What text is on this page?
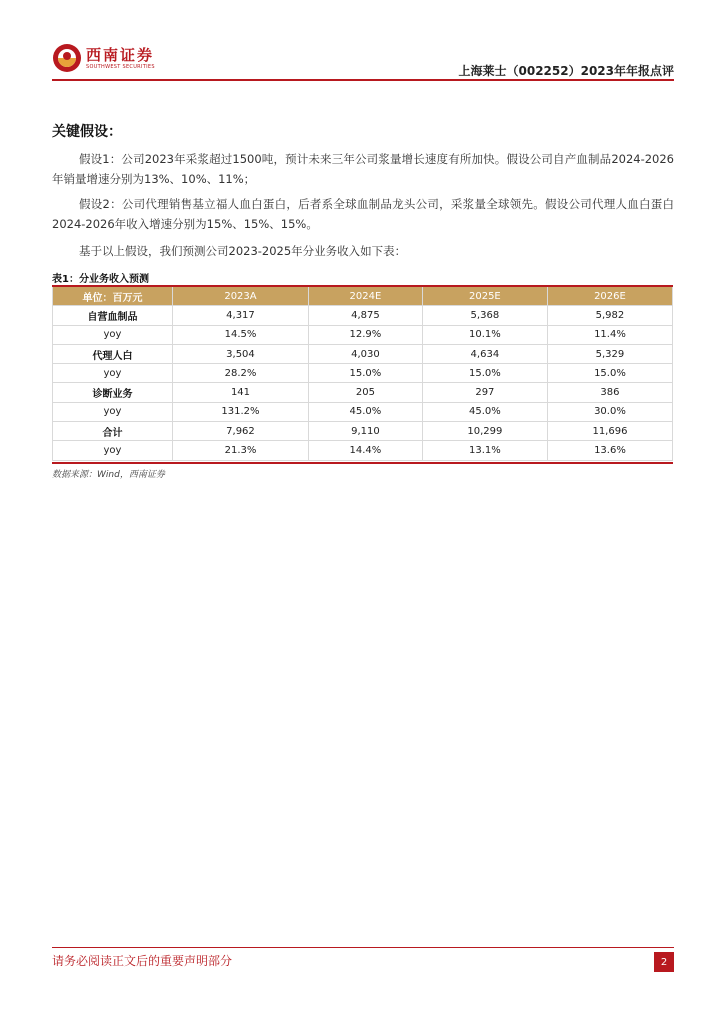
西南证券
SOUTHWEST SECURITIES	上海莱士（002252）2023年年报点评
关键假设：

假设1：公司2023年采浆超过1500吨，预计未来三年公司浆量增长速度有所加快。假设公司自产血制品2024-2026年销量增速分别为13%、10%、11%；

假设2：公司代理销售基立福人血白蛋白，后者系全球血制品龙头公司，采浆量全球领先。假设公司代理人血白蛋白2024-2026年收入增速分别为15%、15%、15%。

基于以上假设，我们预测公司2023-2025年分业务收入如下表：

表1：分业务收入预测
单位：百万元	2023A	2024E	2025E	2026E
自营血制品	4,317	4,875	5,368	5,982
yoy	14.5%	12.9%	10.1%	11.4%
代理人白	3,504	4,030	4,634	5,329
yoy	28.2%	15.0%	15.0%	15.0%
诊断业务	141	205	297	386
yoy	131.2%	45.0%	45.0%	30.0%
合计	7,962	9,110	10,299	11,696
yoy	21.3%	14.4%	13.1%	13.6%
数据来源：Wind，西南证券
请务必阅读正文后的重要声明部分	2
